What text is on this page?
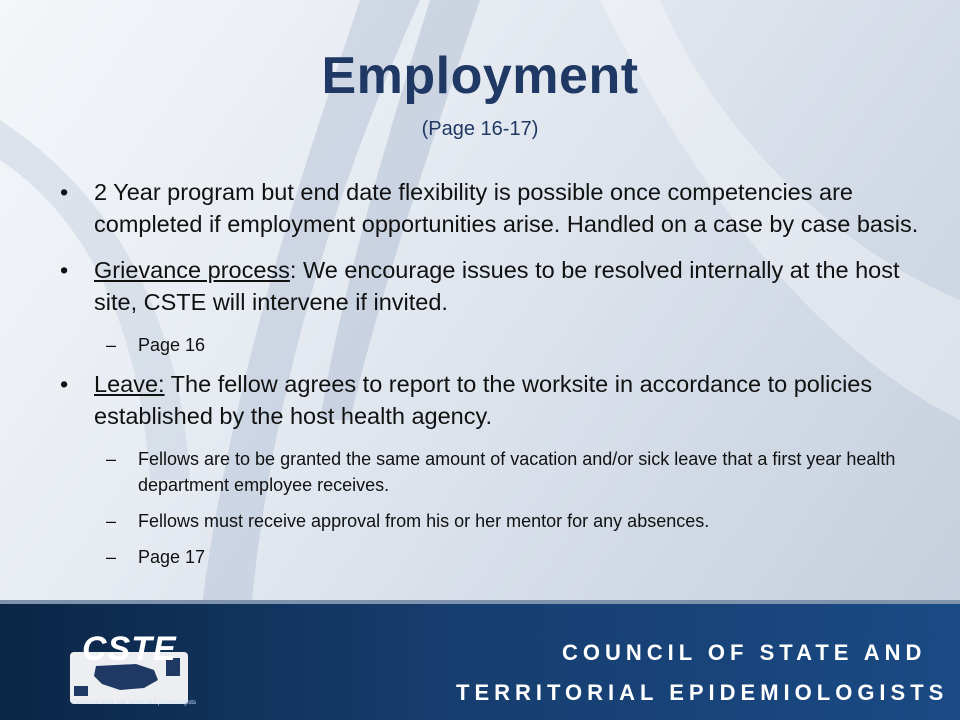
Employment
(Page 16-17)
• 2 Year program but end date flexibility is possible once competencies are completed if employment opportunities arise. Handled on a case by case basis.
• Grievance process: We encourage issues to be resolved internally at the host site, CSTE will intervene if invited.
– Page 16
• Leave: The fellow agrees to report to the worksite in accordance to policies established by the host health agency.
– Fellows are to be granted the same amount of vacation and/or sick leave that a first year health department employee receives.
– Fellows must receive approval from his or her mentor for any absences.
– Page 17
CSTE
Council of State and Territorial Epidemiologists
COUNCIL OF STATE AND
TERRITORIAL EPIDEMIOLOGISTS
